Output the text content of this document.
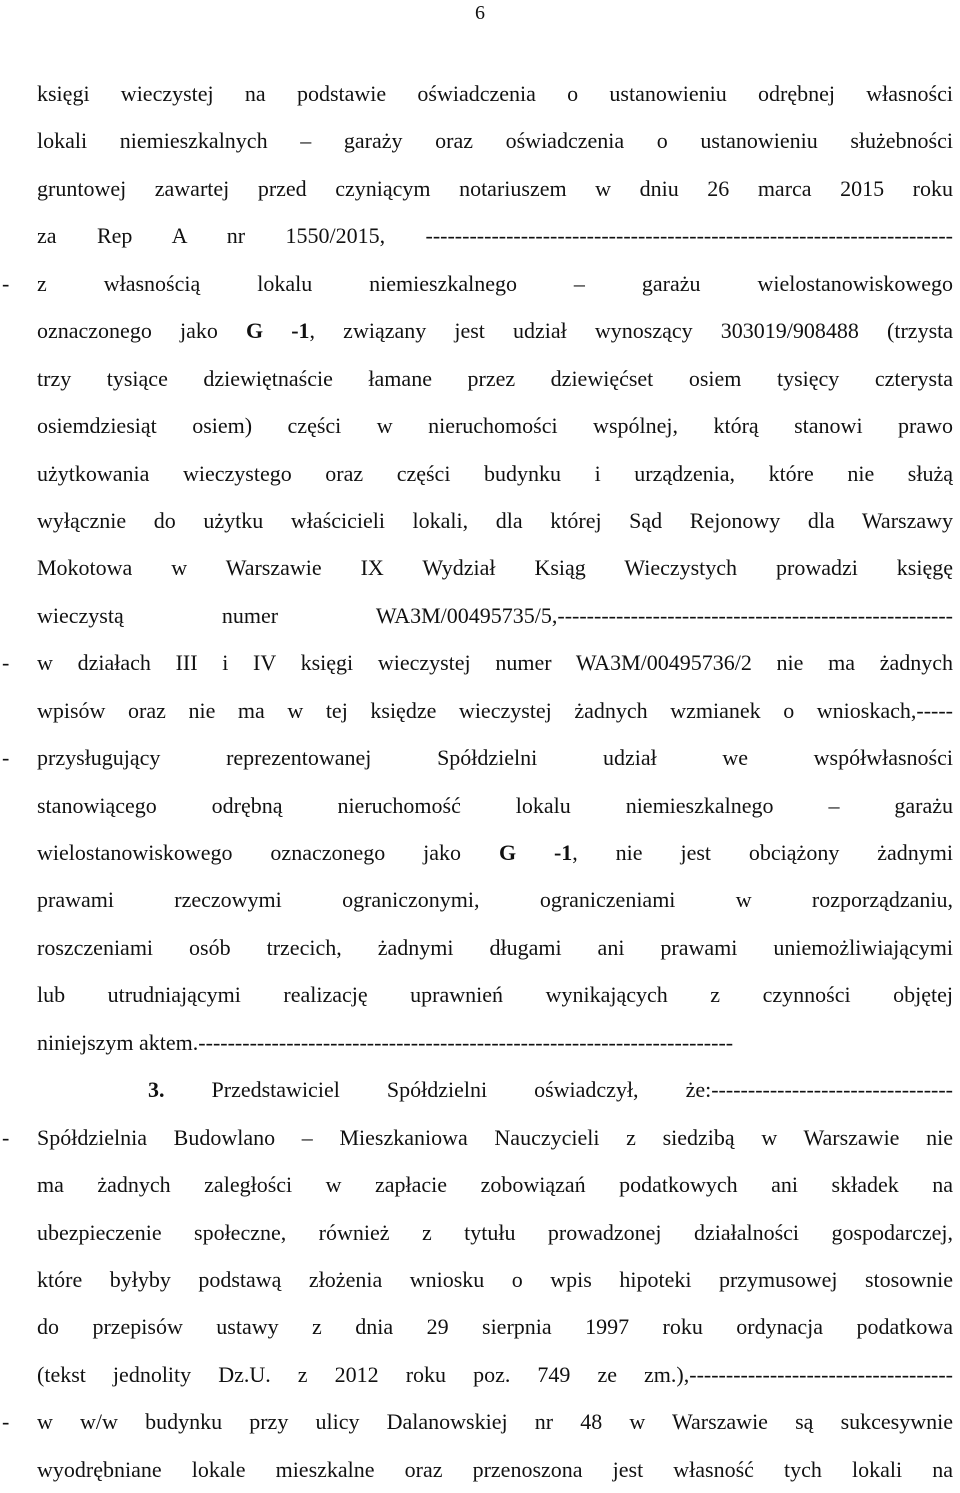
6
księgi wieczystej na podstawie oświadczenia o ustanowieniu odrębnej własności
lokali niemieszkalnych – garaży oraz oświadczenia o ustanowieniu służebności
gruntowej zawartej przed czyniącym notariuszem w dniu 26 marca 2015 roku
za Rep A nr 1550/2015, ------------------------------------------------------------------------
- z własnością lokalu niemieszkalnego – garażu wielostanowiskowego
oznaczonego jako G -1, związany jest udział wynoszący 303019/908488 (trzysta
trzy tysiące dziewiętnaście łamane przez dziewięćset osiem tysięcy czterysta
osiemdziesiąt osiem) części w nieruchomości wspólnej, którą stanowi prawo
użytkowania wieczystego oraz części budynku i urządzenia, które nie służą
wyłącznie do użytku właścicieli lokali, dla której Sąd Rejonowy dla Warszawy
Mokotowa w Warszawie IX Wydział Ksiąg Wieczystych prowadzi księgę
wieczystą numer WA3M/00495735/5,------------------------------------------------------
- w działach III i IV księgi wieczystej numer WA3M/00495736/2 nie ma żadnych
wpisów oraz nie ma w tej księdze wieczystej żadnych wzmianek o wnioskach,-----
- przysługujący reprezentowanej Spółdzielni udział we współwłasności
stanowiącego odrębną nieruchomość lokalu niemieszkalnego – garażu
wielostanowiskowego oznaczonego jako G -1, nie jest obciążony żadnymi
prawami rzeczowymi ograniczonymi, ograniczeniami w rozporządzaniu,
roszczeniami osób trzecich, żadnymi długami ani prawami uniemożliwiającymi
lub utrudniającymi realizację uprawnień wynikających z czynności objętej
niniejszym aktem.-------------------------------------------------------------------------
3. Przedstawiciel Spółdzielni oświadczył, że:---------------------------------
- Spółdzielnia Budowlano – Mieszkaniowa Nauczycieli z siedzibą w Warszawie nie
ma żadnych zaległości w zapłacie zobowiązań podatkowych ani składek na
ubezpieczenie społeczne, również z tytułu prowadzonej działalności gospodarczej,
które byłyby podstawą złożenia wniosku o wpis hipoteki przymusowej stosownie
do przepisów ustawy z dnia 29 sierpnia 1997 roku ordynacja podatkowa
(tekst jednolity Dz.U. z 2012 roku poz. 749 ze zm.),------------------------------------
- w w/w budynku przy ulicy Dalanowskiej nr 48 w Warszawie są sukcesywnie
wyodrębniane lokale mieszkalne oraz przenoszona jest własność tych lokali na
